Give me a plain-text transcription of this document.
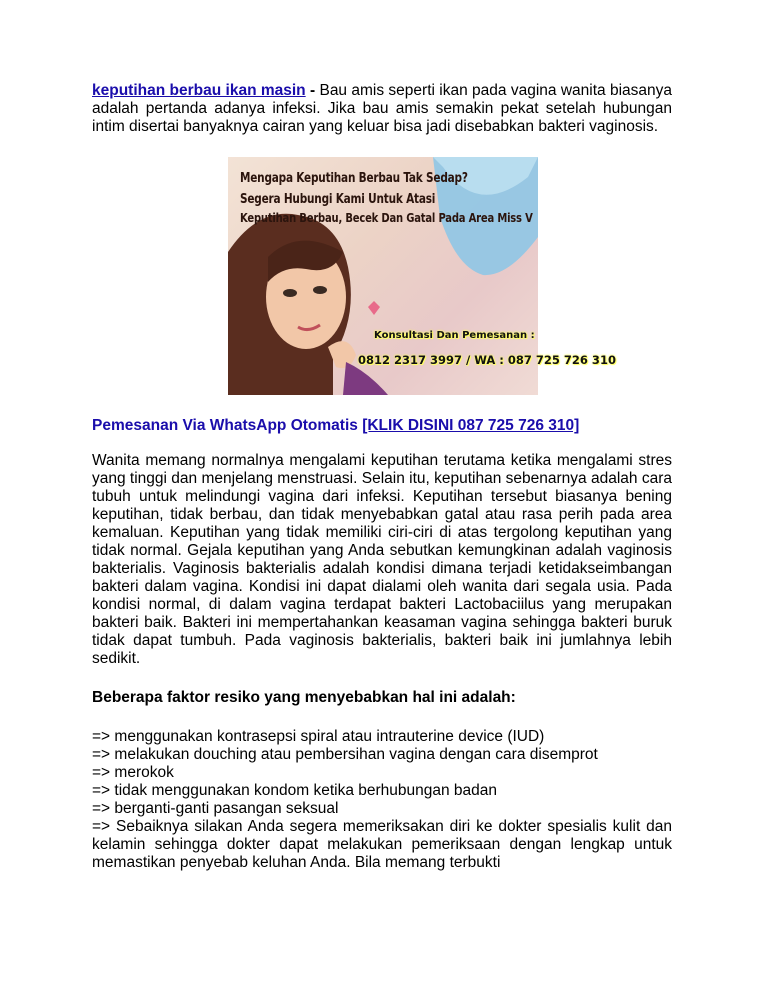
keputihan berbau ikan masin - Bau amis seperti ikan pada vagina wanita biasanya adalah pertanda adanya infeksi. Jika bau amis semakin pekat setelah hubungan intim disertai banyaknya cairan yang keluar bisa jadi disebabkan bakteri vaginosis.

Mengapa Keputihan Berbau Tak Sedap?
Segera Hubungi Kami Untuk Atasi
Keputihan Berbau, Becek Dan Gatal Pada Area Miss V
Konsultasi Dan Pemesanan :
0812 2317 3997 / WA : 087 725 726 310

Pemesanan Via WhatsApp Otomatis [KLIK DISINI 087 725 726 310]

Wanita memang normalnya mengalami keputihan terutama ketika mengalami stres yang tinggi dan menjelang menstruasi. Selain itu, keputihan sebenarnya adalah cara tubuh untuk melindungi vagina dari infeksi. Keputihan tersebut biasanya bening keputihan, tidak berbau, dan tidak menyebabkan gatal atau rasa perih pada area kemaluan. Keputihan yang tidak memiliki ciri-ciri di atas tergolong keputihan yang tidak normal. Gejala keputihan yang Anda sebutkan kemungkinan adalah vaginosis bakterialis. Vaginosis bakterialis adalah kondisi dimana terjadi ketidakseimbangan bakteri dalam vagina. Kondisi ini dapat dialami oleh wanita dari segala usia. Pada kondisi normal, di dalam vagina terdapat bakteri Lactobaciilus yang merupakan bakteri baik. Bakteri ini mempertahankan keasaman vagina sehingga bakteri buruk tidak dapat tumbuh. Pada vaginosis bakterialis, bakteri baik ini jumlahnya lebih sedikit.

Beberapa faktor resiko yang menyebabkan hal ini adalah:

=> menggunakan kontrasepsi spiral atau intrauterine device (IUD)
=> melakukan douching atau pembersihan vagina dengan cara disemprot
=> merokok
=> tidak menggunakan kondom ketika berhubungan badan
=> berganti-ganti pasangan seksual

=> Sebaiknya silakan Anda segera memeriksakan diri ke dokter spesialis kulit dan kelamin sehingga dokter dapat melakukan pemeriksaan dengan lengkap untuk memastikan penyebab keluhan Anda. Bila memang terbukti
